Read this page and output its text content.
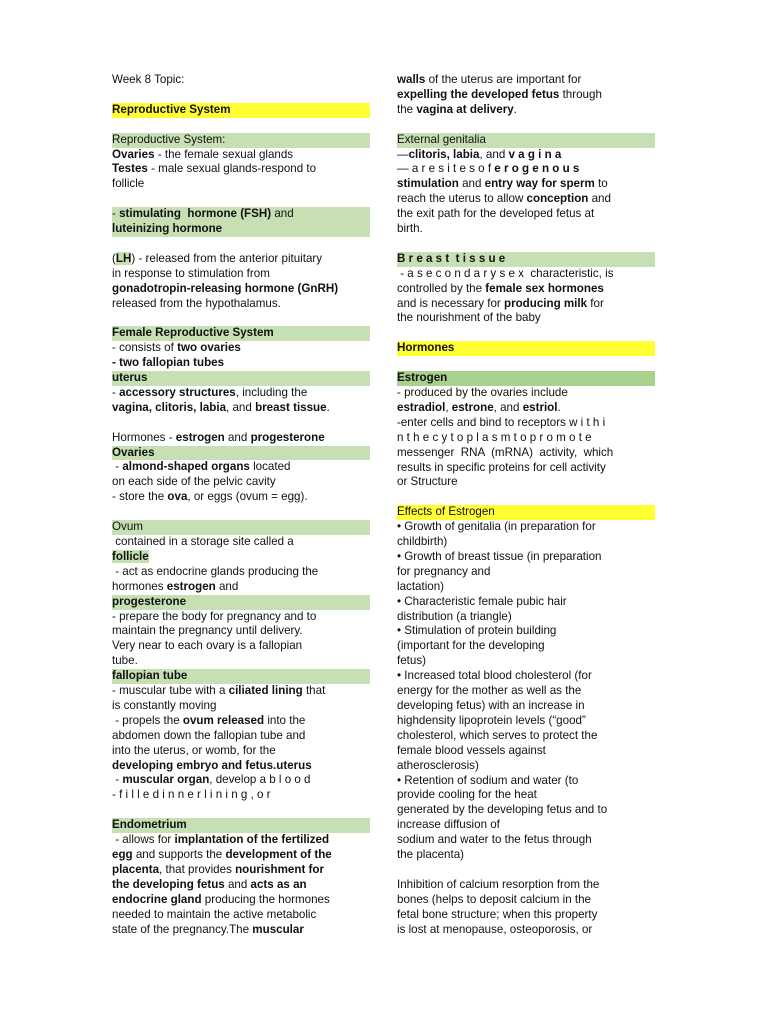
Week 8 Topic:
Reproductive System
Reproductive System:
Ovaries - the female sexual glands
Testes - male sexual glands-respond to
follicle
- stimulating  hormone (FSH) and
luteinizing hormone
(LH) - released from the anterior pituitary
in response to stimulation from
gonadotropin-releasing hormone (GnRH)
released from the hypothalamus.
Female Reproductive System
- consists of two ovaries
- two fallopian tubes
uterus
- accessory structures, including the
vagina, clitoris, labia, and breast tissue.
Hormones - estrogen and progesterone
Ovaries
- almond-shaped organs located
on each side of the pelvic cavity
- store the ova, or eggs (ovum = egg).
Ovum
contained in a storage site called a
follicle
- act as endocrine glands producing the
hormones estrogen and
progesterone
- prepare the body for pregnancy and to
maintain the pregnancy until delivery.
Very near to each ovary is a fallopian
tube.
fallopian tube
- muscular tube with a ciliated lining that
is constantly moving
- propels the ovum released into the
abdomen down the fallopian tube and
into the uterus, or womb, for the
developing embryo and fetus.uterus
- muscular organ, develop a b l o o d
- f i l l e d i n n e r l i n i n g , o r
Endometrium
- allows for implantation of the fertilized
egg and supports the development of the
placenta, that provides nourishment for
the developing fetus and acts as an
endocrine gland producing the hormones
needed to maintain the active metabolic
state of the pregnancy.The muscular
walls of the uterus are important for
expelling the developed fetus through
the vagina at delivery.
External genitalia
—clitoris, labia, and v a g i n a
— a r e s i t e s o f e r o g e n o u s
stimulation and entry way for sperm to
reach the uterus to allow conception and
the exit path for the developed fetus at
birth.
B r e a s t  t i s s u e
- a s e c o n d a r y s e x  characteristic, is
controlled by the female sex hormones
and is necessary for producing milk for
the nourishment of the baby
Hormones
Estrogen
- produced by the ovaries include
estradiol, estrone, and estriol.
-enter cells and bind to receptors w i t h i
n t h e c y t o p l a s m t o p r o m o t e
messenger  RNA  (mRNA)  activity,  which
results in specific proteins for cell activity
or Structure
Effects of Estrogen
• Growth of genitalia (in preparation for
childbirth)
• Growth of breast tissue (in preparation
for pregnancy and
lactation)
• Characteristic female pubic hair
distribution (a triangle)
• Stimulation of protein building
(important for the developing
fetus)
• Increased total blood cholesterol (for
energy for the mother as well as the
developing fetus) with an increase in
highdensity lipoprotein levels (“good”
cholesterol, which serves to protect the
female blood vessels against
atherosclerosis)
• Retention of sodium and water (to
provide cooling for the heat
generated by the developing fetus and to
increase diffusion of
sodium and water to the fetus through
the placenta)
Inhibition of calcium resorption from the
bones (helps to deposit calcium in the
fetal bone structure; when this property
is lost at menopause, osteoporosis, or
